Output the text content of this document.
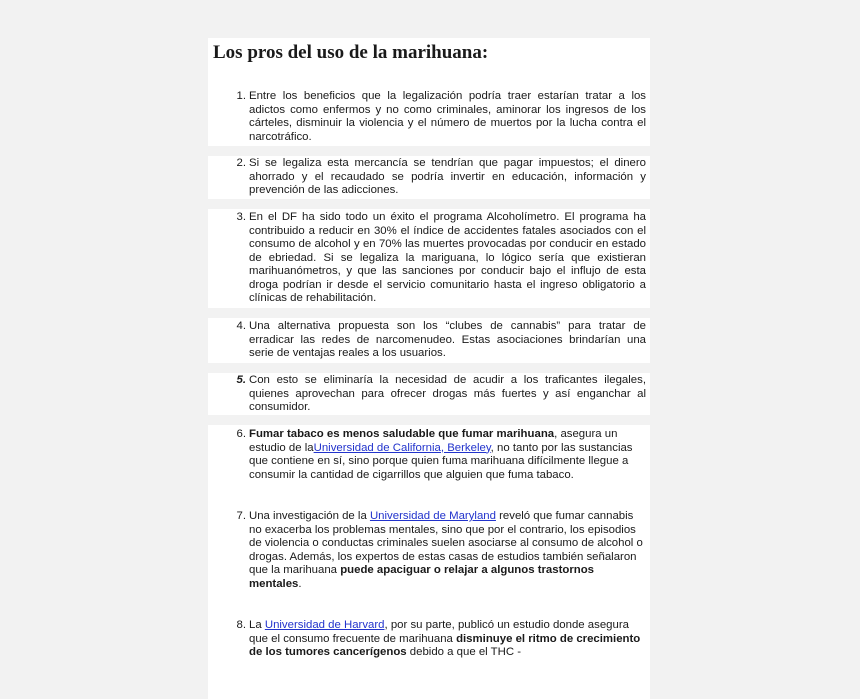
Los pros del uso de la marihuana:
1. Entre los beneficios que la legalización podría traer estarían tratar a los adictos como enfermos y no como criminales, aminorar los ingresos de los cárteles, disminuir la violencia y el número de muertos por la lucha contra el narcotráfico.
2. Si se legaliza esta mercancía se tendrían que pagar impuestos; el dinero ahorrado y el recaudado se podría invertir en educación, información y prevención de las adicciones.
3. En el DF ha sido todo un éxito el programa Alcoholímetro. El programa ha contribuido a reducir en 30% el índice de accidentes fatales asociados con el consumo de alcohol y en 70% las muertes provocadas por conducir en estado de ebriedad. Si se legaliza la mariguana, lo lógico sería que existieran marihuanómetros, y que las sanciones por conducir bajo el influjo de esta droga podrían ir desde el servicio comunitario hasta el ingreso obligatorio a clínicas de rehabilitación.
4. Una alternativa propuesta son los “clubes de cannabis” para tratar de erradicar las redes de narcomenudeo. Estas asociaciones brindarían una serie de ventajas reales a los usuarios.
5. Con esto se eliminaría la necesidad de acudir a los traficantes ilegales, quienes aprovechan para ofrecer drogas más fuertes y así enganchar al consumidor.
6. Fumar tabaco es menos saludable que fumar marihuana, asegura un estudio de laUniversidad de California, Berkeley, no tanto por las sustancias que contiene en sí, sino porque quien fuma marihuana difícilmente llegue a consumir la cantidad de cigarrillos que alguien que fuma tabaco.
7. Una investigación de la Universidad de Maryland reveló que fumar cannabis no exacerba los problemas mentales, sino que por el contrario, los episodios de violencia o conductas criminales suelen asociarse al consumo de alcohol o drogas. Además, los expertos de estas casas de estudios también señalaron que la marihuana puede apaciguar o relajar a algunos trastornos mentales.
8. La Universidad de Harvard, por su parte, publicó un estudio donde asegura que el consumo frecuente de marihuana disminuye el ritmo de crecimiento de los tumores cancerígenos debido a que el THC -
